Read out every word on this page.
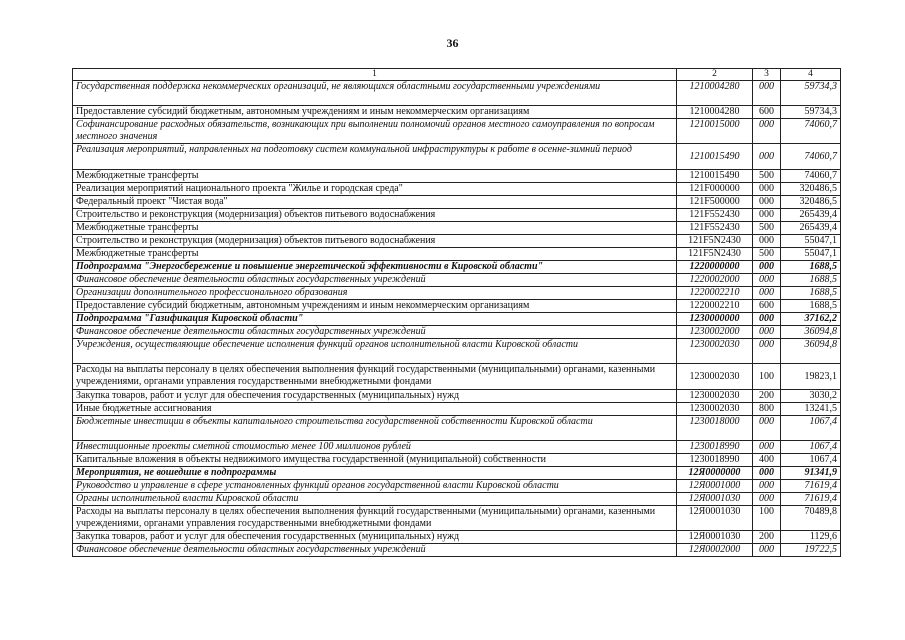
36
1	2	3	4
Государственная поддержка некоммерческих организаций, не являющихся областными государственными учреждениями	1210004280	000	59734,3
Предоставление субсидий бюджетным, автономным учреждениям и иным некоммерческим организациям	1210004280	600	59734,3
Софинансирование расходных обязательств, возникающих при выполнении полномочий органов местного самоуправления по вопросам местного значения	1210015000	000	74060,7
Реализация мероприятий, направленных на подготовку систем коммунальной инфраструктуры к работе в осенне-зимний период	1210015490	000	74060,7
Межбюджетные трансферты	1210015490	500	74060,7
Реализация мероприятий национального проекта "Жилье и городская среда"	121F000000	000	320486,5
Федеральный проект "Чистая вода"	121F500000	000	320486,5
Строительство и реконструкция (модернизация) объектов питьевого водоснабжения	121F552430	000	265439,4
Межбюджетные трансферты	121F552430	500	265439,4
Строительство и реконструкция (модернизация) объектов питьевого водоснабжения	121F5N2430	000	55047,1
Межбюджетные трансферты	121F5N2430	500	55047,1
Подпрограмма "Энергосбережение и повышение энергетической эффективности в Кировской области"	1220000000	000	1688,5
Финансовое обеспечение деятельности областных государственных учреждений	1220002000	000	1688,5
Организации дополнительного профессионального образования	1220002210	000	1688,5
Предоставление субсидий бюджетным, автономным учреждениям и иным некоммерческим организациям	1220002210	600	1688,5
Подпрограмма "Газификация Кировской области"	1230000000	000	37162,2
Финансовое обеспечение деятельности областных государственных учреждений	1230002000	000	36094,8
Учреждения, осуществляющие обеспечение исполнения функций органов исполнительной власти Кировской области	1230002030	000	36094,8
Расходы на выплаты персоналу в целях обеспечения выполнения функций государственными (муниципальными) органами, казенными учреждениями, органами управления государственными внебюджетными фондами	1230002030	100	19823,1
Закупка товаров, работ и услуг для обеспечения государственных (муниципальных) нужд	1230002030	200	3030,2
Иные бюджетные ассигнования	1230002030	800	13241,5
Бюджетные инвестиции в объекты капитального строительства государственной собственности Кировской области	1230018000	000	1067,4
Инвестиционные проекты сметной стоимостью менее 100 миллионов рублей	1230018990	000	1067,4
Капитальные вложения в объекты недвижимого имущества государственной (муниципальной) собственности	1230018990	400	1067,4
Мероприятия, не вошедшие в подпрограммы	12Я0000000	000	91341,9
Руководство и управление в сфере установленных функций органов государственной власти Кировской области	12Я0001000	000	71619,4
Органы исполнительной власти Кировской области	12Я0001030	000	71619,4
Расходы на выплаты персоналу в целях обеспечения выполнения функций государственными (муниципальными) органами, казенными учреждениями, органами управления государственными внебюджетными фондами	12Я0001030	100	70489,8
Закупка товаров, работ и услуг для обеспечения государственных (муниципальных) нужд	12Я0001030	200	1129,6
Финансовое обеспечение деятельности областных государственных учреждений	12Я0002000	000	19722,5
